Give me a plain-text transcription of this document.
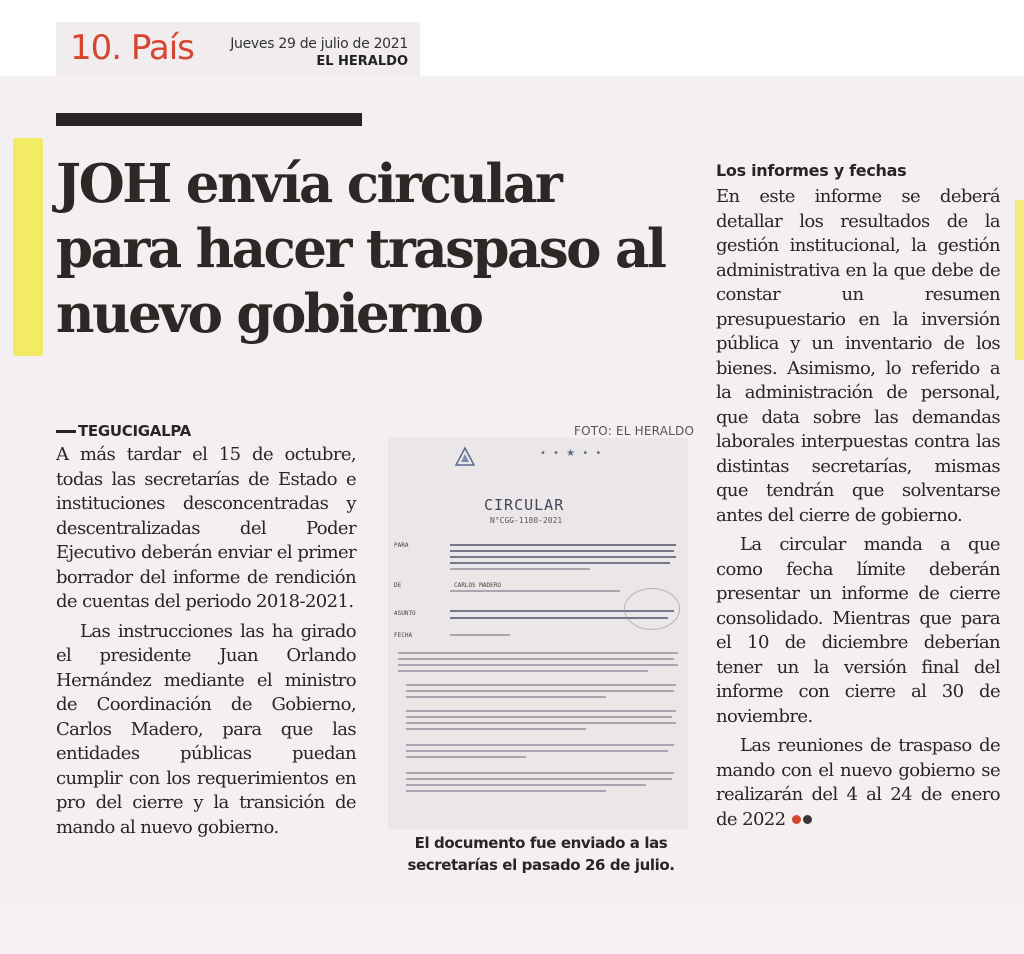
10. País	Jueves 29 de julio de 2021
EL HERALDO
JOH envía circular para hacer traspaso al nuevo gobierno
TEGUCIGALPA

A más tardar el 15 de octubre, todas las secretarías de Estado e instituciones desconcentradas y descentralizadas del Poder Ejecutivo deberán enviar el primer borrador del informe de rendición de cuentas del periodo 2018-2021.

Las instrucciones las ha girado el presidente Juan Orlando Hernández mediante el ministro de Coordinación de Gobierno, Carlos Madero, para que las entidades públicas puedan cumplir con los requerimientos en pro del cierre y la transición de mando al nuevo gobierno.

Los informes y fechas

En este informe se deberá detallar los resultados de la gestión institucional, la gestión administrativa en la que debe de constar un resumen presupuestario en la inversión pública y un inventario de los bienes. Asimismo, lo referido a la administración de personal, que data sobre las demandas laborales interpuestas contra las distintas secretarías, mismas que tendrán que solventarse antes del cierre de gobierno.

La circular manda a que como fecha límite deberán presentar un informe de cierre consolidado. Mientras que para el 10 de diciembre deberían tener un la versión final del informe con cierre al 30 de noviembre.

Las reuniones de traspaso de mando con el nuevo gobierno se realizarán del 4 al 24 de enero de 2022

FOTO: EL HERALDO
• • ★ • •
CIRCULAR
N°CGG-1180-2021
PARA
DE	CARLOS MADERO
ASUNTO
FECHA
El documento fue enviado a las secretarías el pasado 26 de julio.
